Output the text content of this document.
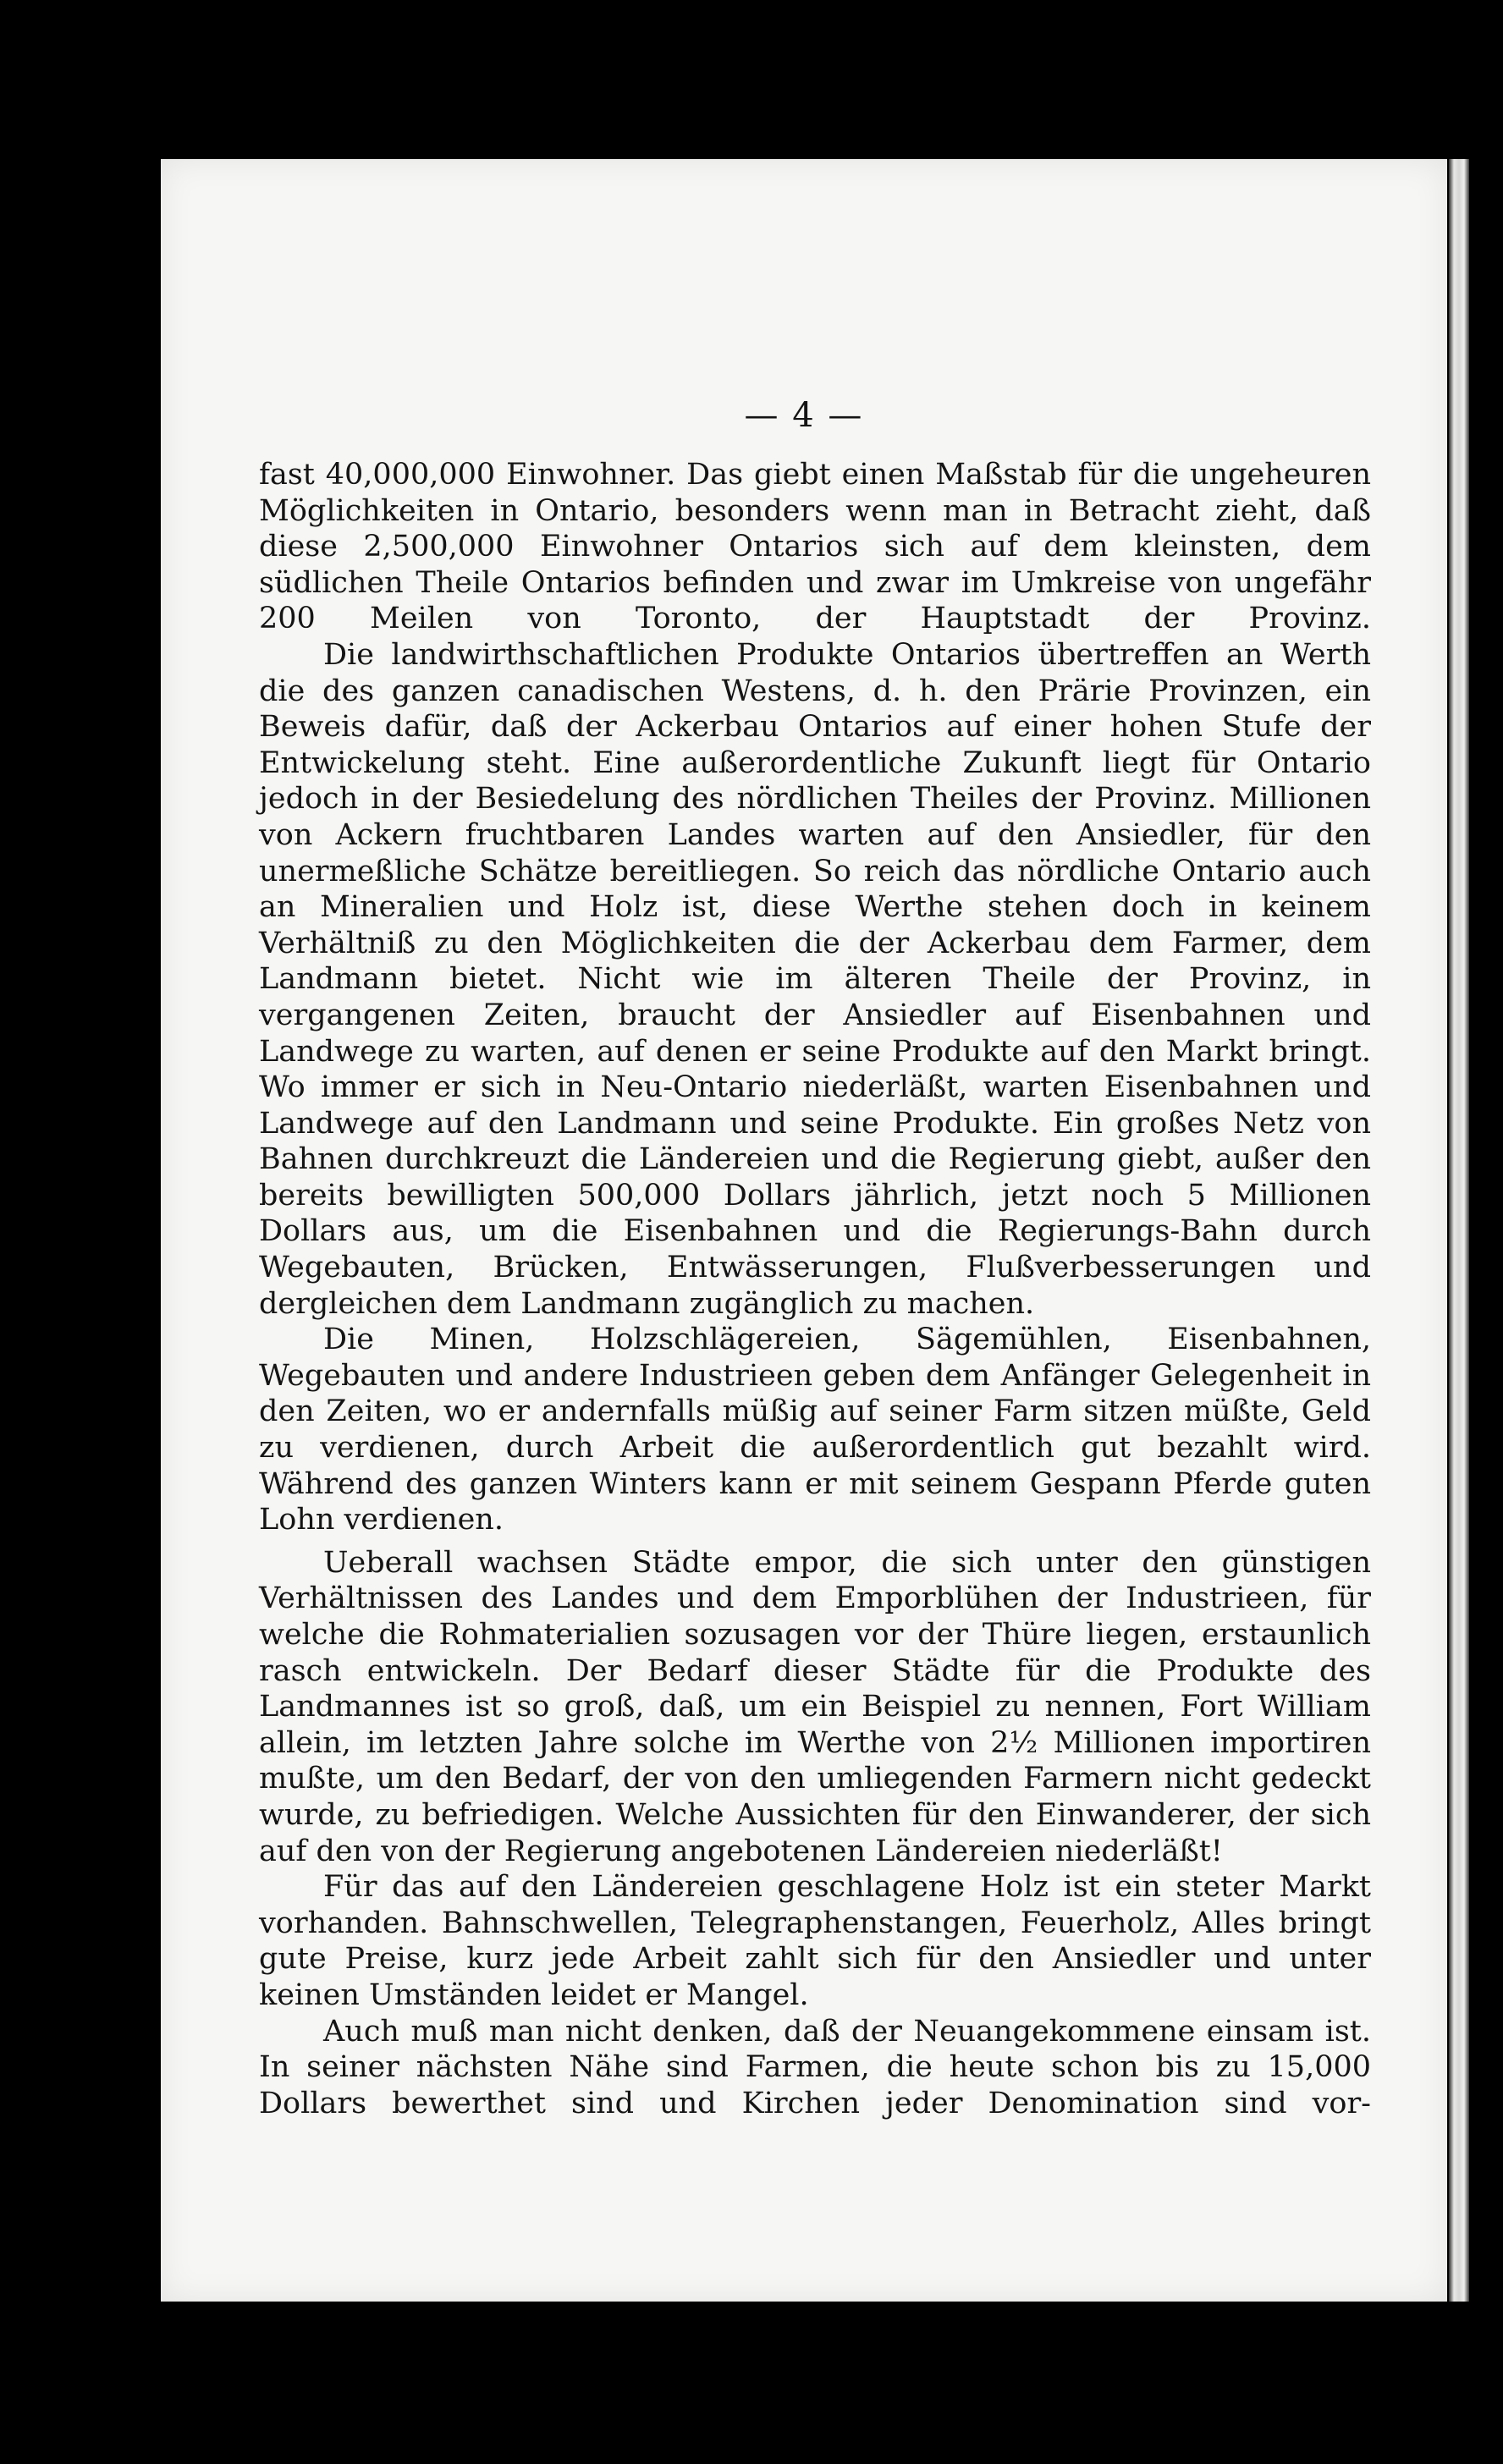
— 4 —

fast 40,000,000 Einwohner. Das giebt einen Maßstab für die ungeheuren Möglichkeiten in Ontario, besonders wenn man in Betracht zieht, daß diese 2,500,000 Einwohner Ontarios sich auf dem kleinsten, dem südlichen Theile Ontarios befinden und zwar im Umkreise von ungefähr 200 Meilen von Toronto, der Hauptstadt der Provinz.

Die landwirthschaftlichen Produkte Ontarios übertreffen an Werth die des ganzen canadischen Westens, d. h. den Prärie Provinzen, ein Beweis dafür, daß der Ackerbau Ontarios auf einer hohen Stufe der Entwickelung steht. Eine außerordentliche Zukunft liegt für Ontario jedoch in der Besiedelung des nördlichen Theiles der Provinz. Millionen von Ackern fruchtbaren Landes warten auf den Ansiedler, für den unermeßliche Schätze bereitliegen. So reich das nördliche Ontario auch an Mineralien und Holz ist, diese Werthe stehen doch in keinem Verhältniß zu den Möglichkeiten die der Ackerbau dem Farmer, dem Landmann bietet. Nicht wie im älteren Theile der Provinz, in vergangenen Zeiten, braucht der Ansiedler auf Eisenbahnen und Landwege zu warten, auf denen er seine Produkte auf den Markt bringt. Wo immer er sich in Neu-Ontario niederläßt, warten Eisenbahnen und Landwege auf den Landmann und seine Produkte. Ein großes Netz von Bahnen durchkreuzt die Ländereien und die Regierung giebt, außer den bereits bewilligten 500,000 Dollars jährlich, jetzt noch 5 Millionen Dollars aus, um die Eisenbahnen und die Regierungs-Bahn durch Wegebauten, Brücken, Entwässerungen, Flußverbesserungen und dergleichen dem Landmann zugänglich zu machen.

Die Minen, Holzschlägereien, Sägemühlen, Eisenbahnen, Wegebauten und andere Industrieen geben dem Anfänger Gelegenheit in den Zeiten, wo er andernfalls müßig auf seiner Farm sitzen müßte, Geld zu verdienen, durch Arbeit die außerordentlich gut bezahlt wird. Während des ganzen Winters kann er mit seinem Gespann Pferde guten Lohn verdienen.

Ueberall wachsen Städte empor, die sich unter den günstigen Verhältnissen des Landes und dem Emporblühen der Industrieen, für welche die Rohmaterialien sozusagen vor der Thüre liegen, erstaunlich rasch entwickeln. Der Bedarf dieser Städte für die Produkte des Landmannes ist so groß, daß, um ein Beispiel zu nennen, Fort William allein, im letzten Jahre solche im Werthe von 2½ Millionen importiren mußte, um den Bedarf, der von den umliegenden Farmern nicht gedeckt wurde, zu befriedigen. Welche Aussichten für den Einwanderer, der sich auf den von der Regierung angebotenen Ländereien niederläßt!

Für das auf den Ländereien geschlagene Holz ist ein steter Markt vorhanden. Bahnschwellen, Telegraphenstangen, Feuerholz, Alles bringt gute Preise, kurz jede Arbeit zahlt sich für den Ansiedler und unter keinen Umständen leidet er Mangel.

Auch muß man nicht denken, daß der Neuangekommene einsam ist. In seiner nächsten Nähe sind Farmen, die heute schon bis zu 15,000 Dollars bewerthet sind und Kirchen jeder Denomination sind vor-
